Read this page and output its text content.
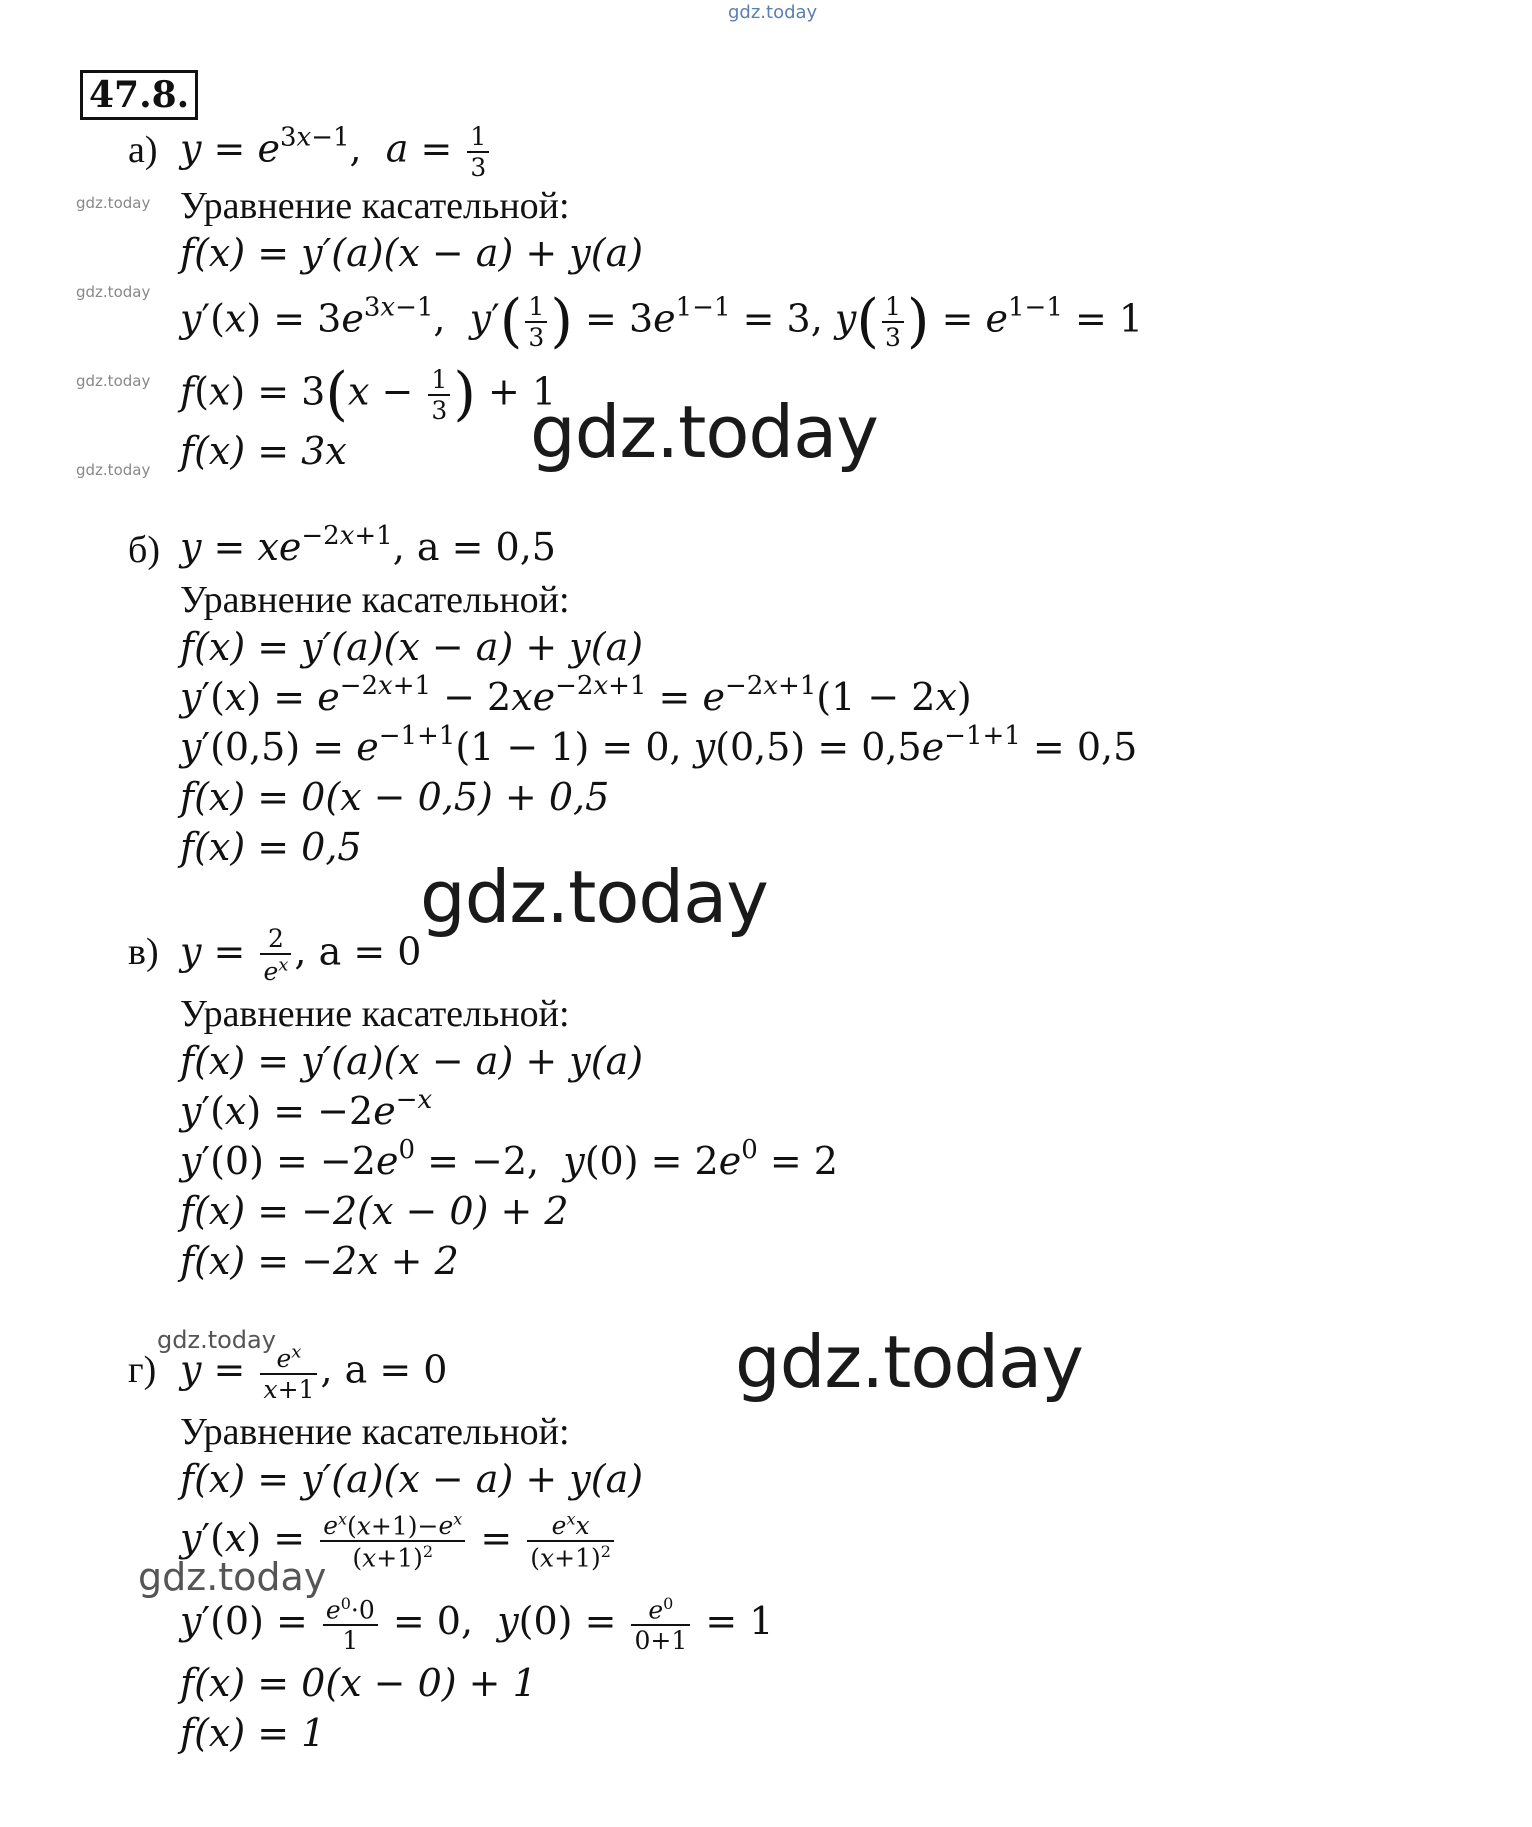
gdz.today
gdz.today
gdz.today
gdz.today
gdz.today	gdz.today
gdz.today
gdz.today
gdz.today
gdz.today
47.8.
а) $y = e^{3x-1}$,  $a = \frac{1}{3}$
Уравнение касательной:
f(x) = y′(a)(x − a) + y(a)
$y'(x) = 3e^{3x-1}$,  $y'( \frac{1}{3}$ ) = $3e^{1-1} = 3$, $y( \frac{1}{3}$ ) = $e^{1-1} = 1$
$f(x) = 3(x - \frac{1}{3}$ ) + 1
f(x) = 3x
б) $y = xe^{-2x+1}$, a = 0,5
Уравнение касательной:
f(x) = y′(a)(x − a) + y(a)
$y'(x) = e^{-2x+1} - 2xe^{-2x+1} = e^{-2x+1}(1 - 2x)$
$y'(0,5) = e^{-1+1}(1 - 1) = 0$, $y(0,5) = 0,5e^{-1+1} = 0,5$
f(x) = 0(x − 0,5) + 0,5
f(x) = 0,5
в) $y = \frac{2}{e^x}$ , a = 0
Уравнение касательной:
f(x) = y′(a)(x − a) + y(a)
$y'(x) = -2e^{-x}$
$y'(0) = -2e^0 = -2$,  $y(0) = 2e^0 = 2$
f(x) = −2(x − 0) + 2
f(x) = −2x + 2
г) $y = \frac{e^x}{x+1}$ , a = 0
Уравнение касательной:
f(x) = y′(a)(x − a) + y(a)
$y'(x) = \frac{e^x(x+1)-e^x}{(x+1)^2} = \frac{e^xx}{(x+1)^2}$
$y'(0) = \frac{e^0\cdot 0}{1} = 0$,  $y(0) = \frac{e^0}{0+1} = 1$
f(x) = 0(x − 0) + 1
f(x) = 1
